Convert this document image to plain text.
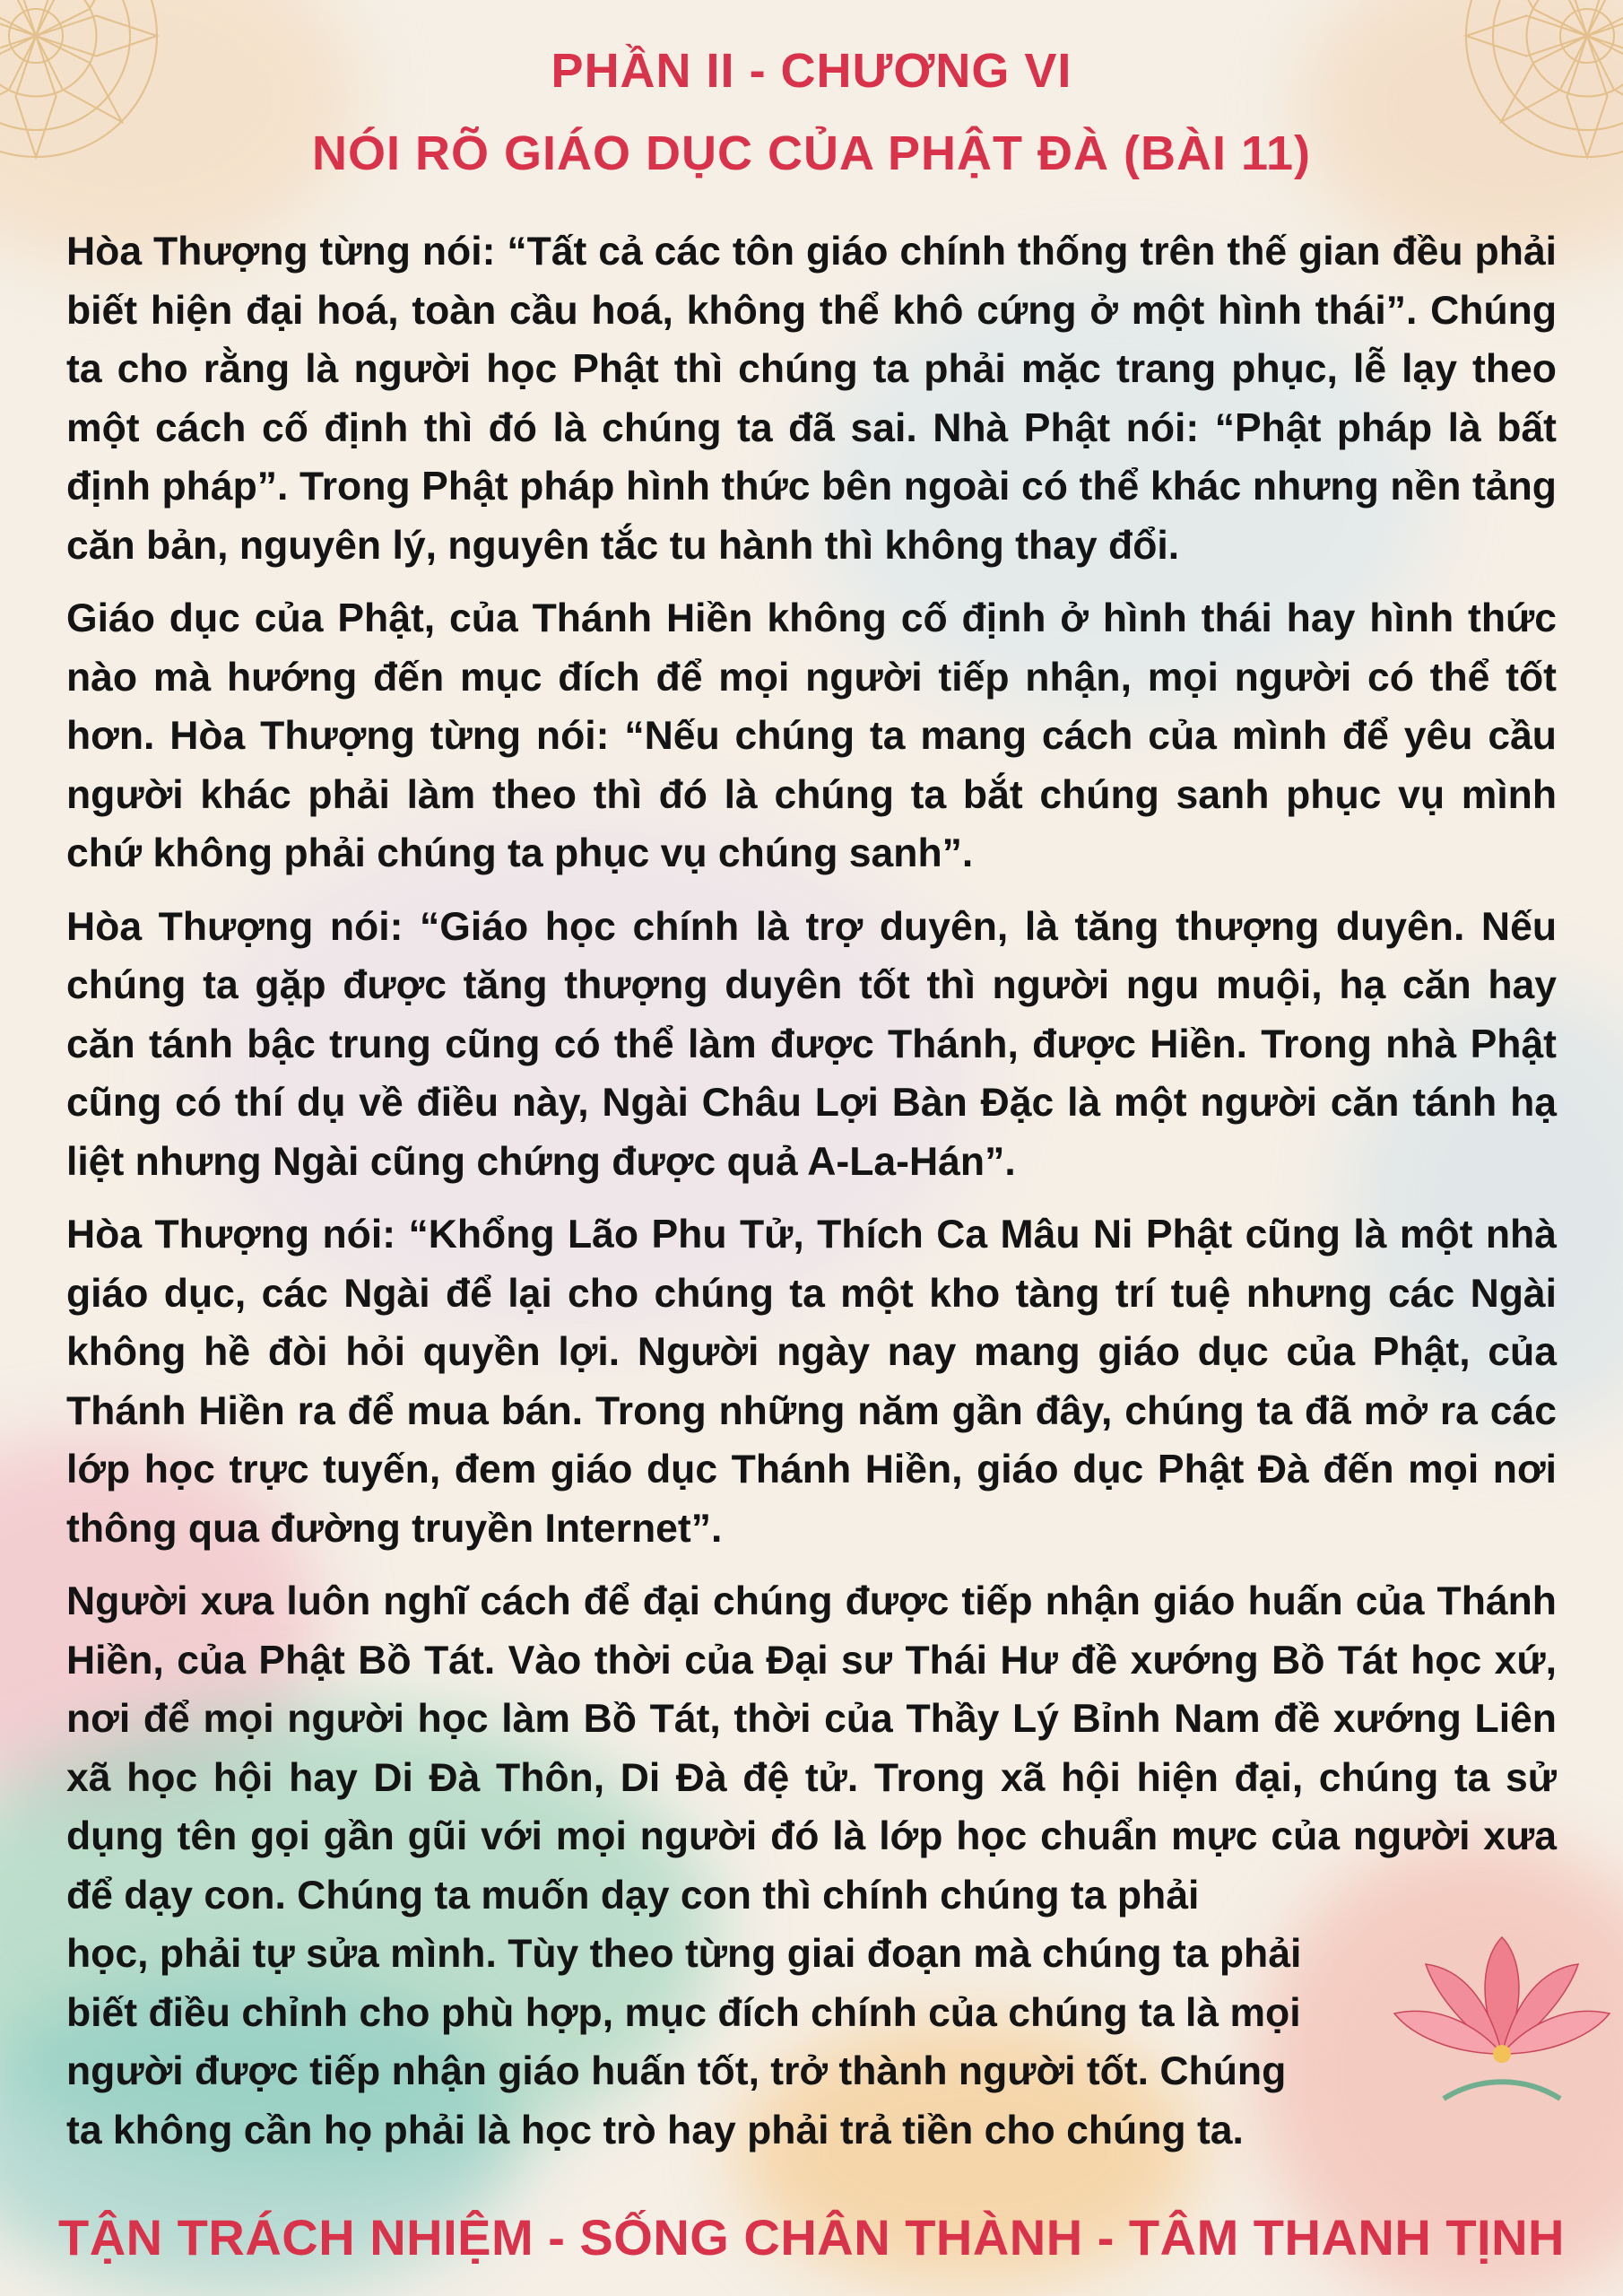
PHẦN II - CHƯƠNG VI
NÓI RÕ GIÁO DỤC CỦA PHẬT ĐÀ (BÀI 11)

Hòa Thượng từng nói: “Tất cả các tôn giáo chính thống trên thế gian đều phải biết hiện đại hoá, toàn cầu hoá, không thể khô cứng ở một hình thái”. Chúng ta cho rằng là người học Phật thì chúng ta phải mặc trang phục, lễ lạy theo một cách cố định thì đó là chúng ta đã sai. Nhà Phật nói: “Phật pháp là bất định pháp”. Trong Phật pháp hình thức bên ngoài có thể khác nhưng nền tảng căn bản, nguyên lý, nguyên tắc tu hành thì không thay đổi.

Giáo dục của Phật, của Thánh Hiền không cố định ở hình thái hay hình thức nào mà hướng đến mục đích để mọi người tiếp nhận, mọi người có thể tốt hơn. Hòa Thượng từng nói: “Nếu chúng ta mang cách của mình để yêu cầu người khác phải làm theo thì đó là chúng ta bắt chúng sanh phục vụ mình chứ không phải chúng ta phục vụ chúng sanh”.

Hòa Thượng nói: “Giáo học chính là trợ duyên, là tăng thượng duyên. Nếu chúng ta gặp được tăng thượng duyên tốt thì người ngu muội, hạ căn hay căn tánh bậc trung cũng có thể làm được Thánh, được Hiền. Trong nhà Phật cũng có thí dụ về điều này, Ngài Châu Lợi Bàn Đặc là một người căn tánh hạ liệt nhưng Ngài cũng chứng được quả A-La-Hán”.

Hòa Thượng nói: “Khổng Lão Phu Tử, Thích Ca Mâu Ni Phật cũng là một nhà giáo dục, các Ngài để lại cho chúng ta một kho tàng trí tuệ nhưng các Ngài không hề đòi hỏi quyền lợi. Người ngày nay mang giáo dục của Phật, của Thánh Hiền ra để mua bán. Trong những năm gần đây, chúng ta đã mở ra các lớp học trực tuyến, đem giáo dục Thánh Hiền, giáo dục Phật Đà đến mọi nơi thông qua đường truyền Internet”.

Người xưa luôn nghĩ cách để đại chúng được tiếp nhận giáo huấn của Thánh Hiền, của Phật Bồ Tát. Vào thời của Đại sư Thái Hư đề xướng Bồ Tát học xứ, nơi để mọi người học làm Bồ Tát, thời của Thầy Lý Bỉnh Nam đề xướng Liên xã học hội hay Di Đà Thôn, Di Đà đệ tử. Trong xã hội hiện đại, chúng ta sử dụng tên gọi gần gũi với mọi người đó là lớp học chuẩn mực của người xưa để dạy con. Chúng ta muốn dạy con thì chính chúng ta phải

học, phải tự sửa mình. Tùy theo từng giai đoạn mà chúng ta phải
biết điều chỉnh cho phù hợp, mục đích chính của chúng ta là mọi
người được tiếp nhận giáo huấn tốt, trở thành người tốt. Chúng
ta không cần họ phải là học trò hay phải trả tiền cho chúng ta.

TẬN TRÁCH NHIỆM - SỐNG CHÂN THÀNH - TÂM THANH TỊNH
